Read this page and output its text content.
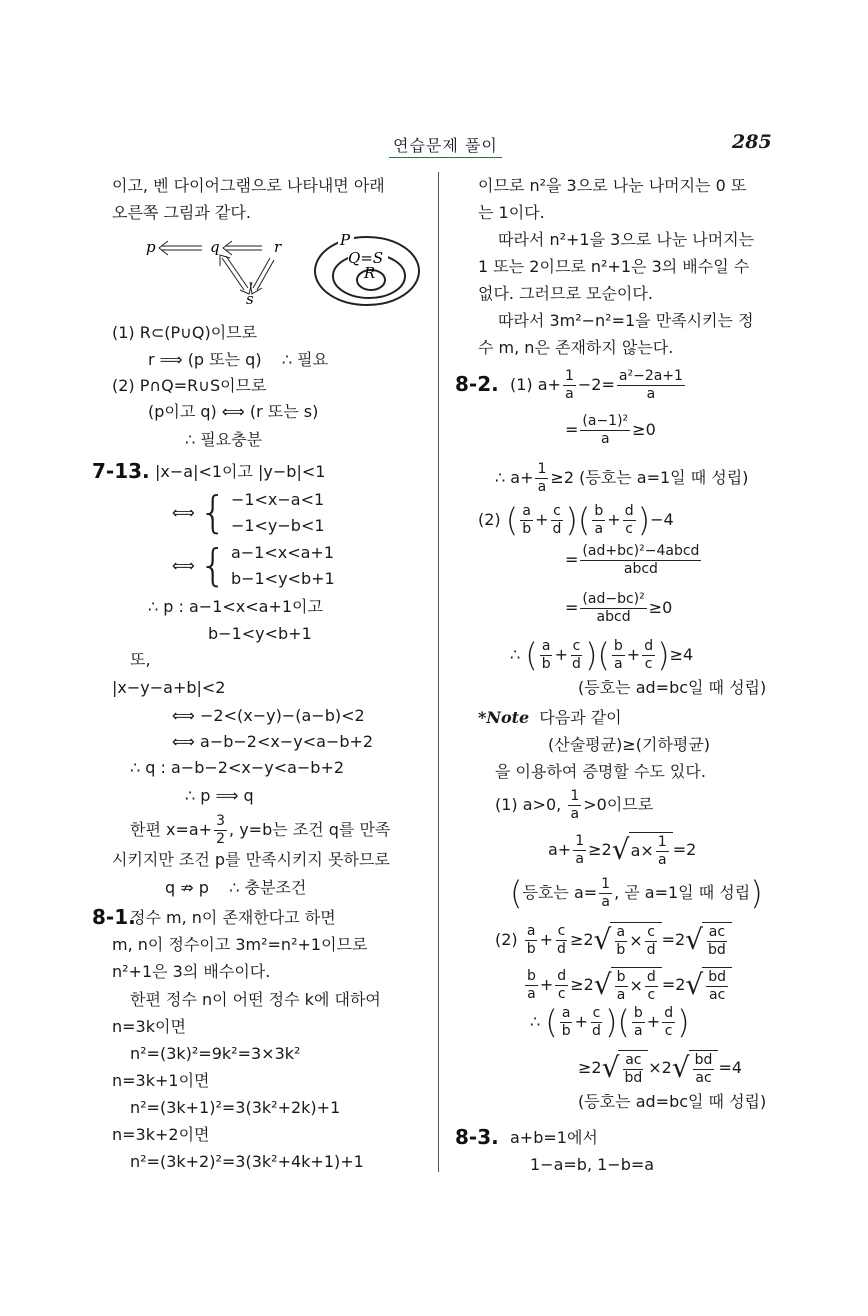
연습문제 풀이	285
p	q	r
s
P
Q=S
R
이고, 벤 다이어그램으로 나타내면 아래
오른쪽 그림과 같다.
(1) R⊂(P∪Q)이므로
r ⟹ (p 또는 q)    ∴ 필요
(2) P∩Q=R∪S이므로
(p이고 q) ⟺ (r 또는 s)
∴ 필요충분
7-13. |x−a|<1이고 |y−b|<1
⟺ { −1<x−a<1
−1<y−b<1
⟺ { a−1<x<a+1
b−1<y<b+1
∴ p : a−1<x<a+1이고
b−1<y<b+1
또,
|x−y−a+b|<2
⟺ −2<(x−y)−(a−b)<2
⟺ a−b−2<x−y<a−b+2
∴ q : a−b−2<x−y<a−b+2
∴ p ⟹ q
한편 $x=a+ \frac{3}{2}$ , y=b는 조건 q를 만족
시키지만 조건 p를 만족시키지 못하므로
q ⇏ p    ∴ 충분조건
8-1.
정수 m, n이 존재한다고 하면
m, n이 정수이고 3m²=n²+1이므로
n²+1은 3의 배수이다.
한편 정수 n이 어떤 정수 k에 대하여
n=3k이면
n²=(3k)²=9k²=3×3k²
n=3k+1이면
n²=(3k+1)²=3(3k²+2k)+1
n=3k+2이면
n²=(3k+2)²=3(3k²+4k+1)+1
이므로 n²을 3으로 나눈 나머지는 0 또
는 1이다.
따라서 n²+1을 3으로 나눈 나머지는
1 또는 2이므로 n²+1은 3의 배수일 수
없다. 그러므로 모순이다.
따라서 3m²−n²=1을 만족시키는 정
수 m, n은 존재하지 않는다.
8-2. (1) $a+ \frac{1}{a} -2= \frac{\text{a²−2a+1}}{a}$
= $\frac{\text{(a−1)²}}{a} \ge 0$
∴ $a+ \frac{1}{a} \ge 2$ (등호는 a=1일 때 성립)
(2) ( $\frac{a}{b} + \frac{c}{d}$ ) ( $\frac{b}{a} + \frac{d}{c}$ ) −4
= $\frac{\text{(ad+bc)²−4abcd}}{\text{abcd}}$
= $\frac{\text{(ad−bc)²}}{\text{abcd}} \ge 0$
∴ ( $\frac{a}{b} + \frac{c}{d}$ ) ( $\frac{b}{a} + \frac{d}{c}$ ) ≥4
(등호는 ad=bc일 때 성립)
*Note 다음과 같이
(산술평균)≥(기하평균)
을 이용하여 증명할 수도 있다.
(1) a>0, $\frac{1}{a} >0$이므로
$a+ \frac{1}{a} \ge 2$ √ $a\times \frac{1}{a} =2$
( 등호는 $a= \frac{1}{a}$ , 곧 a=1일 때 성립 )
$(2) \frac{a}{b} + \frac{c}{d} \ge 2$ √ $\frac{a}{b} \times \frac{c}{d} =2$ √ $\frac{ac}{bd}$
$\frac{b}{a} + \frac{d}{c} \ge 2$ √ $\frac{b}{a} \times \frac{d}{c} =2$ √ $\frac{bd}{ac}$
∴ ( $\frac{a}{b} + \frac{c}{d}$ ) ( $\frac{b}{a} + \frac{d}{c}$ )
≥2 √ $\frac{ac}{bd} \times 2$ √ $\frac{bd}{ac} =4$
(등호는 ad=bc일 때 성립)
8-3. a+b=1에서
1−a=b, 1−b=a
